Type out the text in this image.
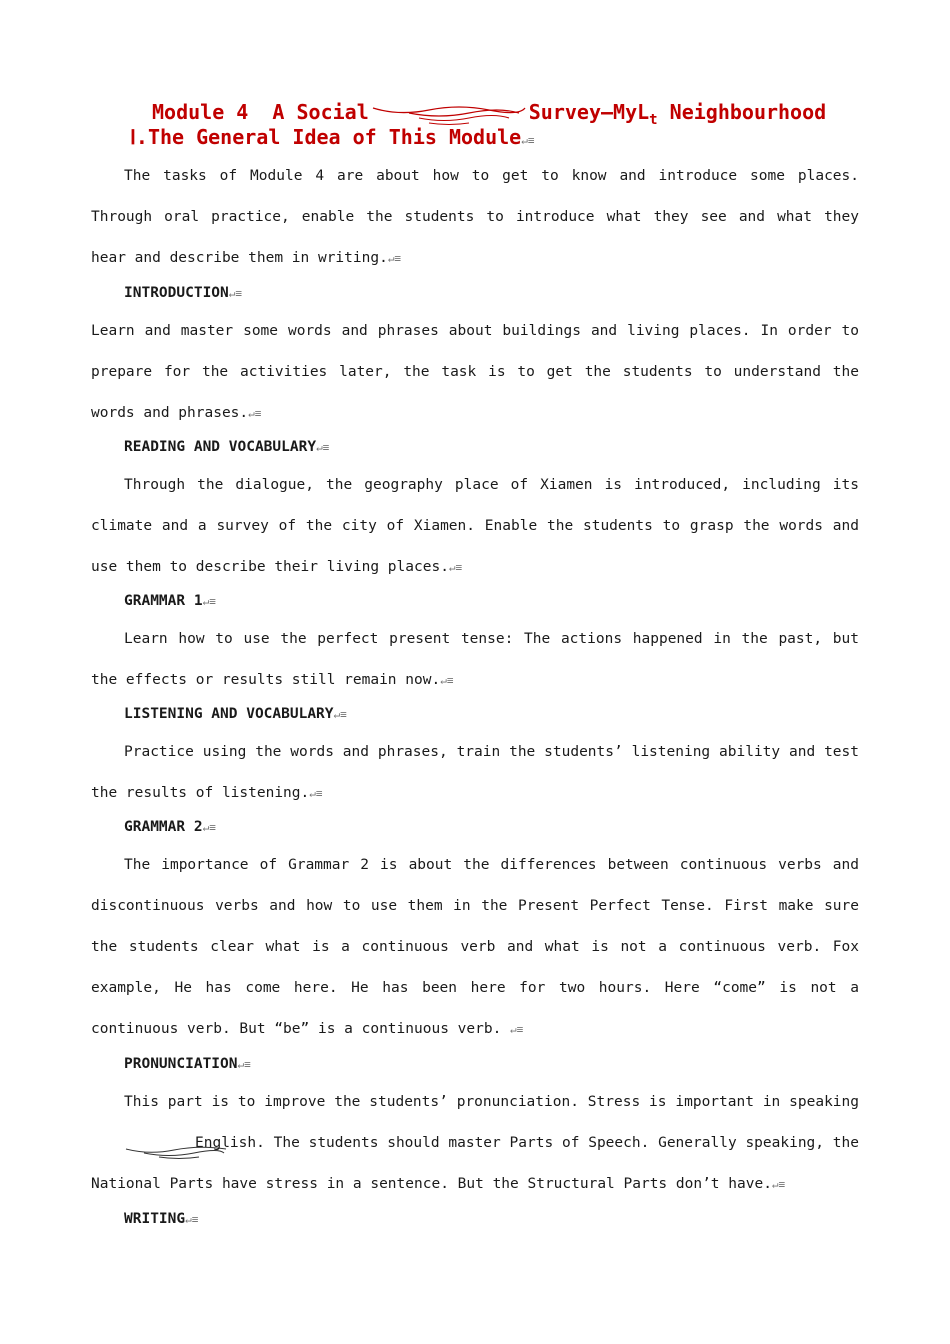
Module 4  A Social	Survey—MyL$_t$ Neighbourhood
Ⅰ.The General Idea of This Module↵≡
The tasks of Module 4 are about how to get to know and introduce some places. Through oral practice, enable the students to introduce what they see and what they hear and describe them in writing.↵≡
INTRODUCTION↵≡
Learn and master some words and phrases about buildings and living places. In order to prepare for the activities later, the task is to get the students to understand the words and phrases.↵≡
READING AND VOCABULARY↵≡
Through the dialogue, the geography place of Xiamen is introduced, including its climate and a survey of the city of Xiamen. Enable the students to grasp the words and use them to describe their living places.↵≡
GRAMMAR 1↵≡
Learn how to use the perfect present tense: The actions happened in the past, but the effects or results still remain now.↵≡
LISTENING AND VOCABULARY↵≡
Practice using the words and phrases, train the students’ listening ability and test the results of listening.↵≡
GRAMMAR 2↵≡
The importance of Grammar 2 is about the differences between continuous verbs and discontinuous verbs and how to use them in the Present Perfect Tense. First make sure the students clear what is a continuous verb and what is not a continuous verb. Fox example, He has come here. He has been here for two hours. Here “come” is not a continuous verb. But “be” is a continuous verb. ↵≡
PRONUNCIATION↵≡
This part is to improve the students’ pronunciation. Stress is important in speaking English. The students should master Parts of Speech. Generally speaking, the National Parts have stress in a sentence. But the Structural Parts don’t have.↵≡
WRITING↵≡
